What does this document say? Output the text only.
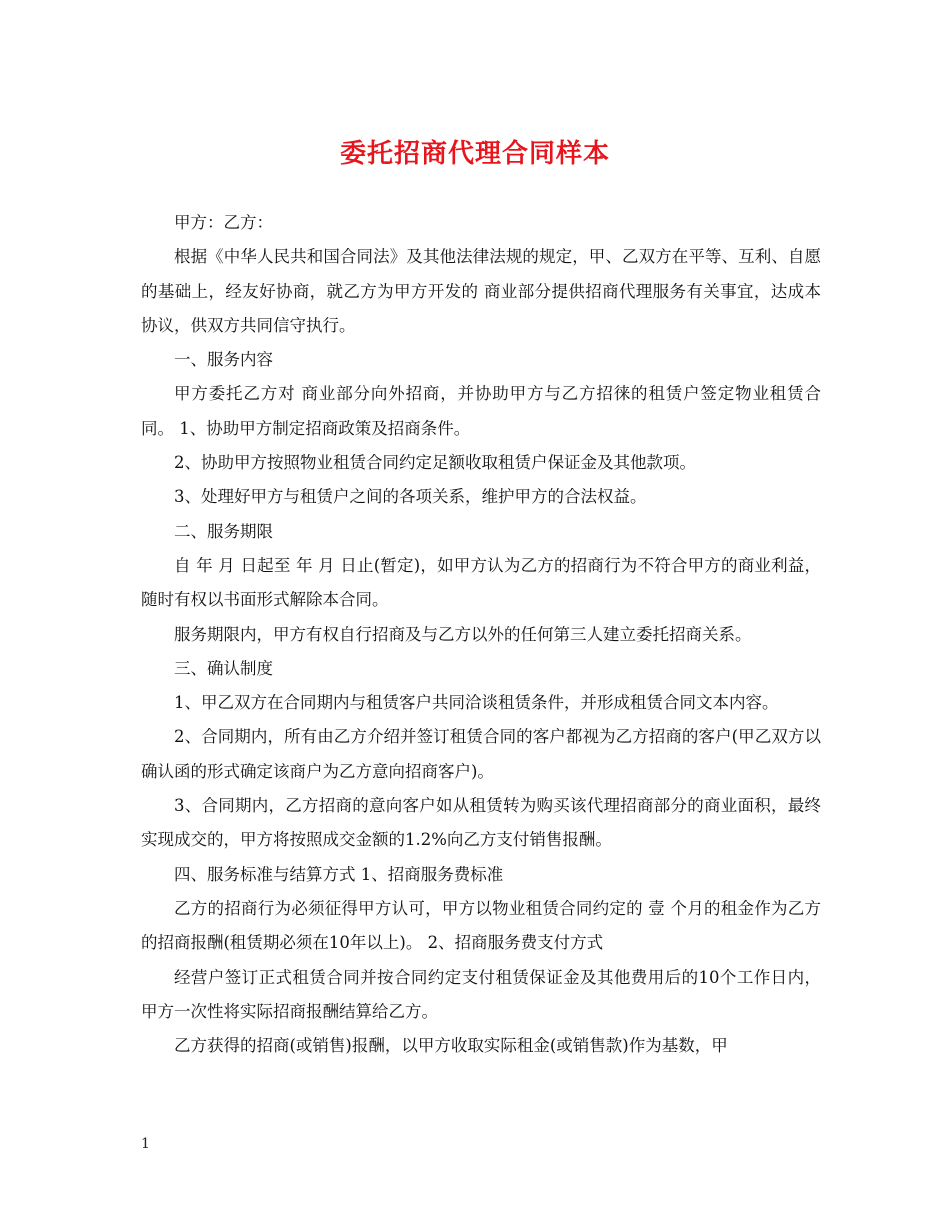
委托招商代理合同样本

甲方：乙方：

根据《中华人民共和国合同法》及其他法律法规的规定，甲、乙双方在平等、互利、自愿的基础上，经友好协商，就乙方为甲方开发的 商业部分提供招商代理服务有关事宜，达成本协议，供双方共同信守执行。

一、服务内容

甲方委托乙方对 商业部分向外招商，并协助甲方与乙方招徕的租赁户签定物业租赁合同。 1、协助甲方制定招商政策及招商条件。

2、协助甲方按照物业租赁合同约定足额收取租赁户保证金及其他款项。

3、处理好甲方与租赁户之间的各项关系，维护甲方的合法权益。

二、服务期限

自 年 月 日起至 年 月 日止(暂定)，如甲方认为乙方的招商行为不符合甲方的商业利益，随时有权以书面形式解除本合同。

服务期限内，甲方有权自行招商及与乙方以外的任何第三人建立委托招商关系。

三、确认制度

1、甲乙双方在合同期内与租赁客户共同洽谈租赁条件，并形成租赁合同文本内容。

2、合同期内，所有由乙方介绍并签订租赁合同的客户都视为乙方招商的客户(甲乙双方以确认函的形式确定该商户为乙方意向招商客户)。

3、合同期内，乙方招商的意向客户如从租赁转为购买该代理招商部分的商业面积，最终实现成交的，甲方将按照成交金额的1.2%向乙方支付销售报酬。

四、服务标准与结算方式 1、招商服务费标准

乙方的招商行为必须征得甲方认可，甲方以物业租赁合同约定的 壹 个月的租金作为乙方的招商报酬(租赁期必须在10年以上)。 2、招商服务费支付方式

经营户签订正式租赁合同并按合同约定支付租赁保证金及其他费用后的10个工作日内，甲方一次性将实际招商报酬结算给乙方。

乙方获得的招商(或销售)报酬，以甲方收取实际租金(或销售款)作为基数，甲

1
